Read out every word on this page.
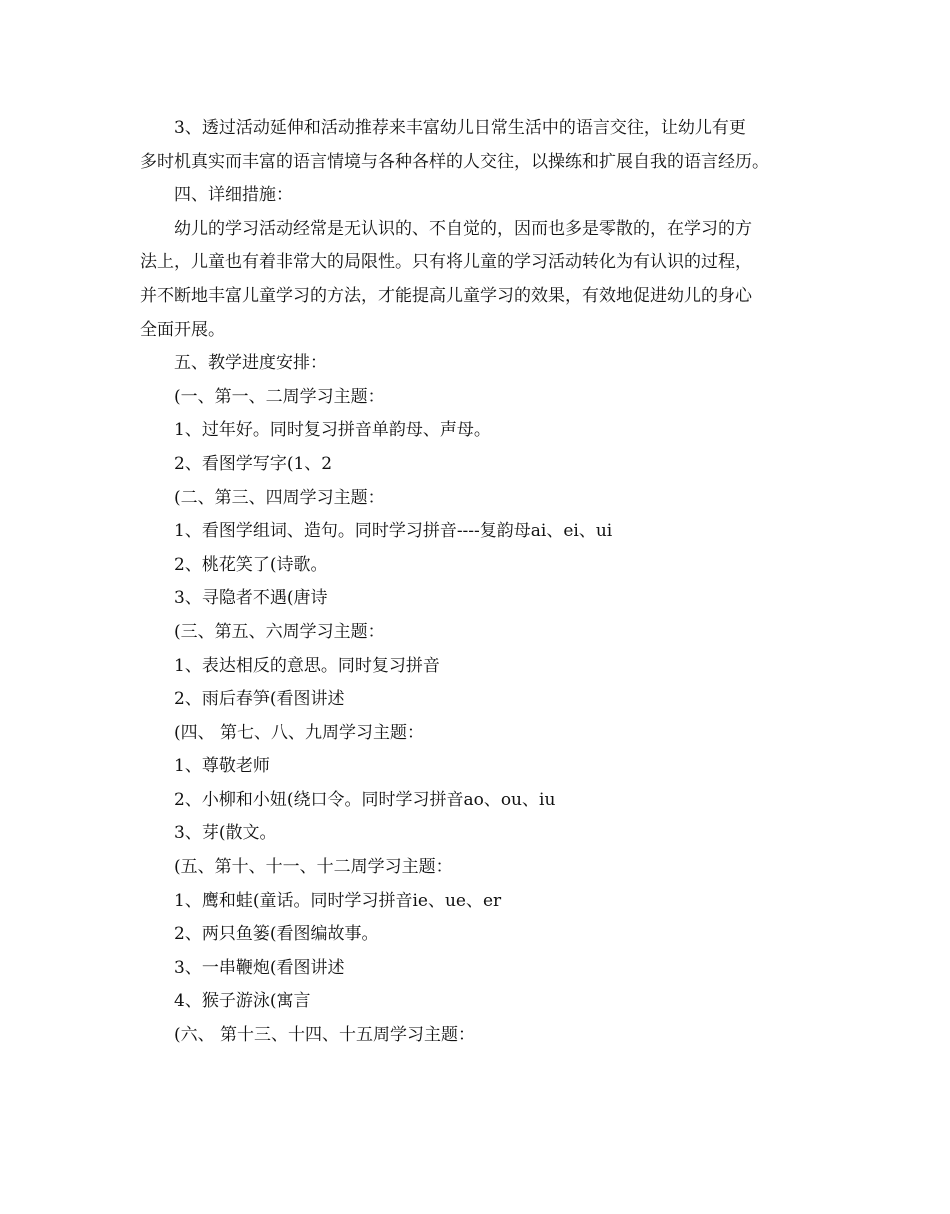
3、透过活动延伸和活动推荐来丰富幼儿日常生活中的语言交往，让幼儿有更
多时机真实而丰富的语言情境与各种各样的人交往，以操练和扩展自我的语言经历。
四、详细措施：
幼儿的学习活动经常是无认识的、不自觉的，因而也多是零散的，在学习的方
法上，儿童也有着非常大的局限性。只有将儿童的学习活动转化为有认识的过程，
并不断地丰富儿童学习的方法，才能提高儿童学习的效果，有效地促进幼儿的身心
全面开展。
五、教学进度安排：
(一、第一、二周学习主题：
1、过年好。同时复习拼音单韵母、声母。
2、看图学写字(1、2
(二、第三、四周学习主题：
1、看图学组词、造句。同时学习拼音----复韵母ai、ei、ui
2、桃花笑了(诗歌。
3、寻隐者不遇(唐诗
(三、第五、六周学习主题：
1、表达相反的意思。同时复习拼音
2、雨后春笋(看图讲述
(四、 第七、八、九周学习主题：
1、尊敬老师
2、小柳和小妞(绕口令。同时学习拼音ao、ou、iu
3、芽(散文。
(五、第十、十一、十二周学习主题：
1、鹰和蛙(童话。同时学习拼音ie、ue、er
2、两只鱼篓(看图编故事。
3、一串鞭炮(看图讲述
4、猴子游泳(寓言
(六、 第十三、十四、十五周学习主题：
